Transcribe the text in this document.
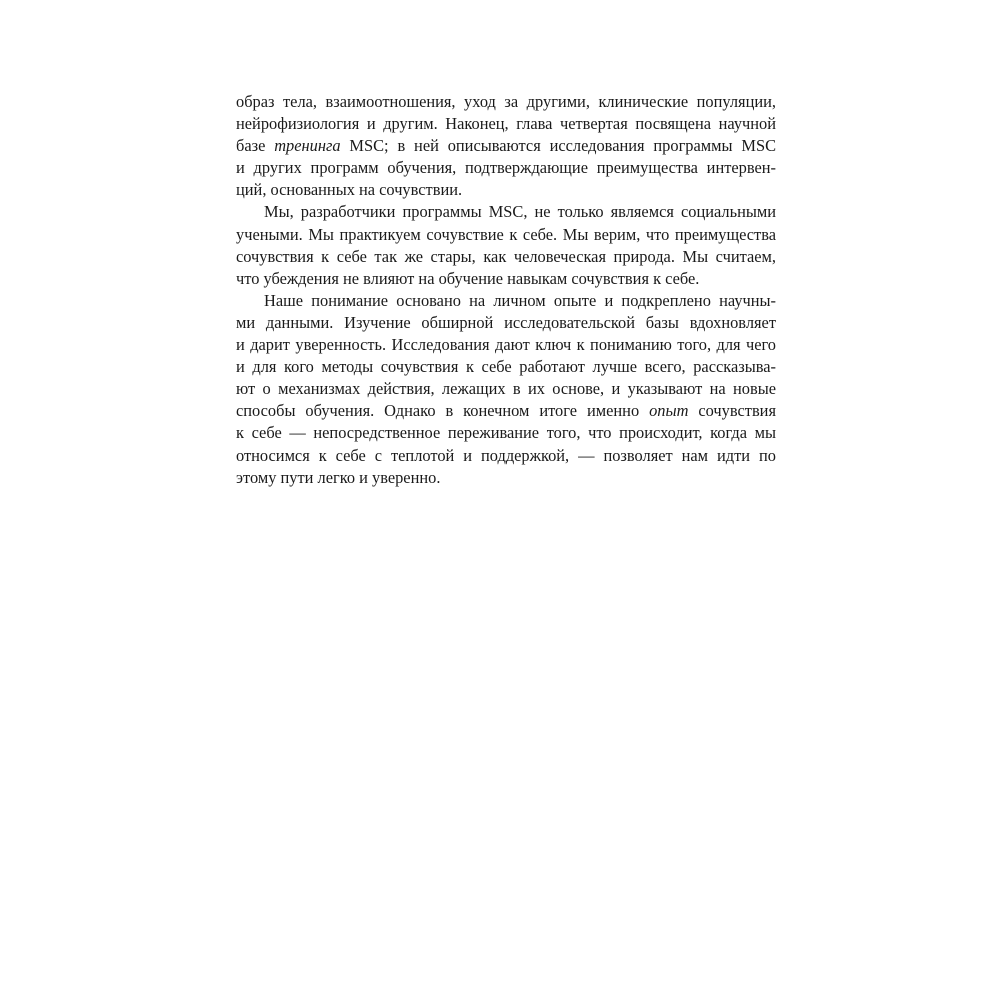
образ тела, взаимоотношения, уход за другими, клинические популяции,
нейрофизиология и другим. Наконец, глава четвертая посвящена научной
базе тренинга MSC; в ней описываются исследования программы MSC
и других программ обучения, подтверждающие преимущества интервен-
ций, основанных на сочувствии.
Мы, разработчики программы MSC, не только являемся социальными
учеными. Мы практикуем сочувствие к себе. Мы верим, что преимущества
сочувствия к себе так же стары, как человеческая природа. Мы считаем,
что убеждения не влияют на обучение навыкам сочувствия к себе.
Наше понимание основано на личном опыте и подкреплено научны-
ми данными. Изучение обширной исследовательской базы вдохновляет
и дарит уверенность. Исследования дают ключ к пониманию того, для чего
и для кого методы сочувствия к себе работают лучше всего, рассказыва-
ют о механизмах действия, лежащих в их основе, и указывают на новые
способы обучения. Однако в конечном итоге именно опыт сочувствия
к себе — непосредственное переживание того, что происходит, когда мы
относимся к себе с теплотой и поддержкой, — позволяет нам идти по
этому пути легко и уверенно.
